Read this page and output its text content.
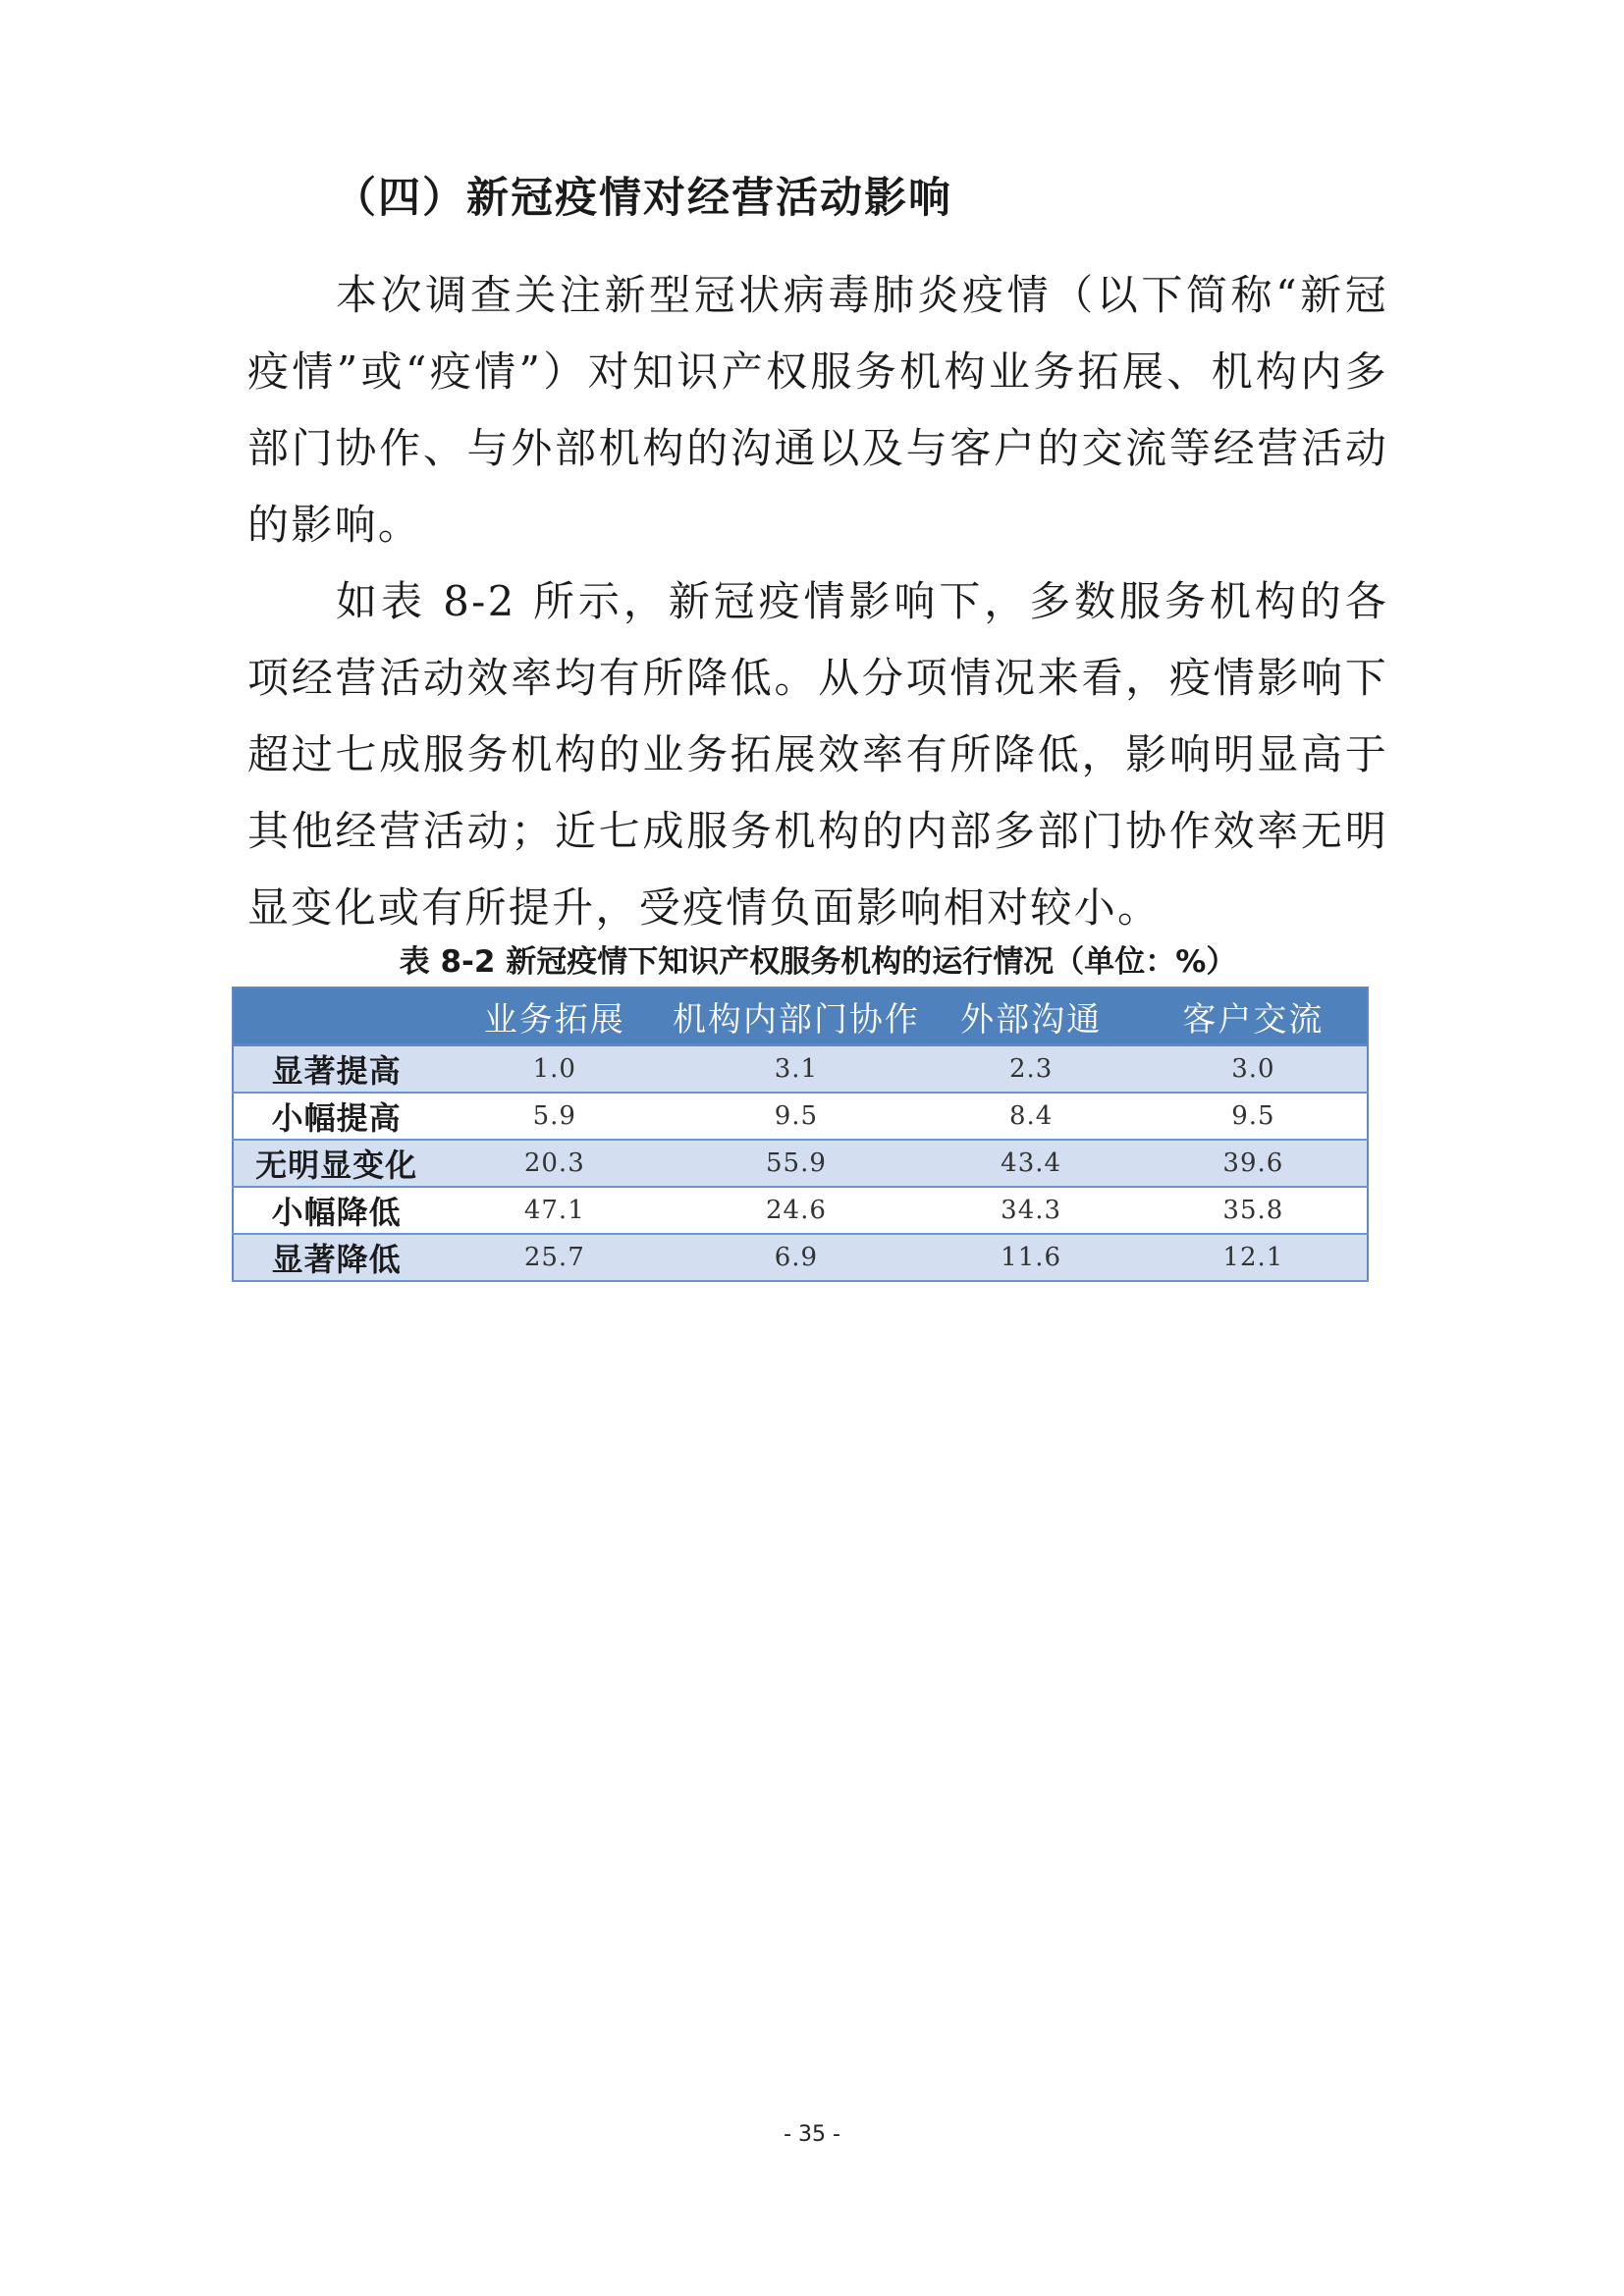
（四）新冠疫情对经营活动影响

本次调查关注新型冠状病毒肺炎疫情（以下简称“新冠疫情”或“疫情”）对知识产权服务机构业务拓展、机构内多部门协作、与外部机构的沟通以及与客户的交流等经营活动的影响。

如表 8-2 所示，新冠疫情影响下，多数服务机构的各项经营活动效率均有所降低。从分项情况来看，疫情影响下超过七成服务机构的业务拓展效率有所降低，影响明显高于其他经营活动；近七成服务机构的内部多部门协作效率无明显变化或有所提升，受疫情负面影响相对较小。

表 8-2 新冠疫情下知识产权服务机构的运行情况（单位：%）

	业务拓展	机构内部门协作	外部沟通	客户交流
显著提高	1.0	3.1	2.3	3.0
小幅提高	5.9	9.5	8.4	9.5
无明显变化	20.3	55.9	43.4	39.6
小幅降低	47.1	24.6	34.3	35.8
显著降低	25.7	6.9	11.6	12.1

- 35 -
